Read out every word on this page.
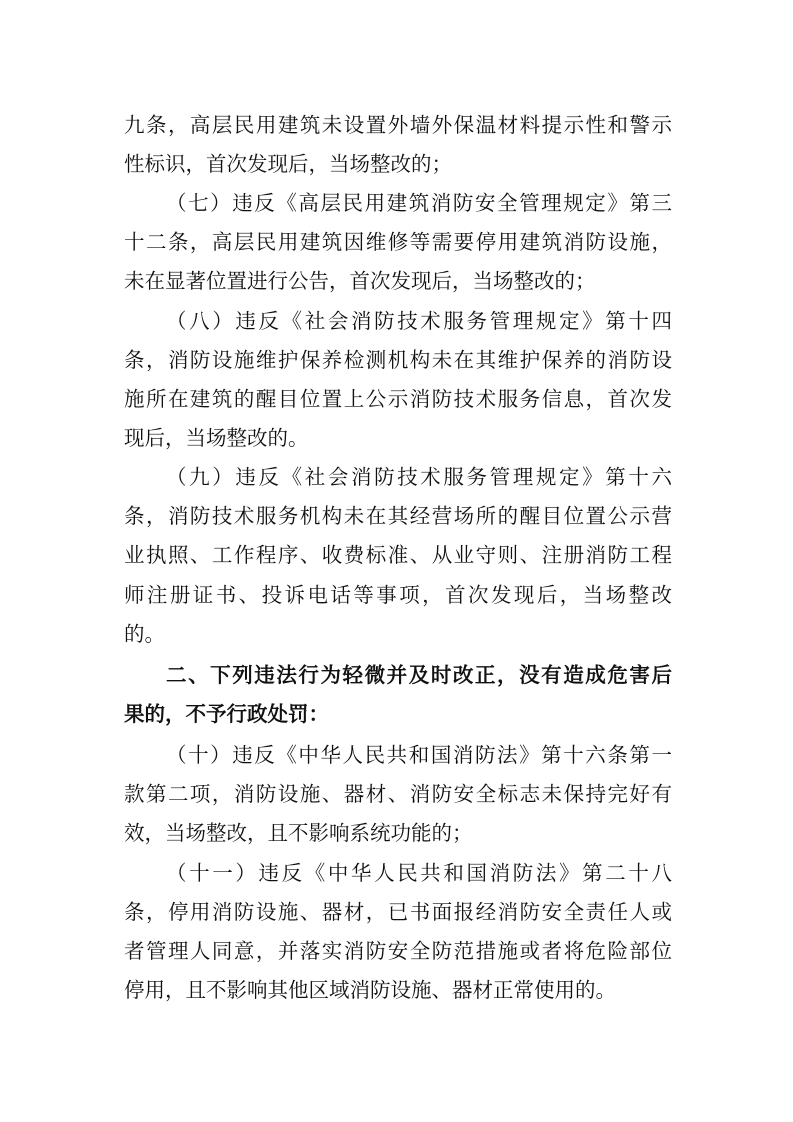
九条，高层民用建筑未设置外墙外保温材料提示性和警示
性标识，首次发现后，当场整改的；
（七）违反《高层民用建筑消防安全管理规定》第三
十二条，高层民用建筑因维修等需要停用建筑消防设施，
未在显著位置进行公告，首次发现后，当场整改的；
（八）违反《社会消防技术服务管理规定》第十四
条，消防设施维护保养检测机构未在其维护保养的消防设
施所在建筑的醒目位置上公示消防技术服务信息，首次发
现后，当场整改的。
（九）违反《社会消防技术服务管理规定》第十六
条，消防技术服务机构未在其经营场所的醒目位置公示营
业执照、工作程序、收费标准、从业守则、注册消防工程
师注册证书、投诉电话等事项，首次发现后，当场整改
的。
二、下列违法行为轻微并及时改正，没有造成危害后
果的，不予行政处罚：
（十）违反《中华人民共和国消防法》第十六条第一
款第二项，消防设施、器材、消防安全标志未保持完好有
效，当场整改，且不影响系统功能的；
（十一）违反《中华人民共和国消防法》第二十八
条，停用消防设施、器材，已书面报经消防安全责任人或
者管理人同意，并落实消防安全防范措施或者将危险部位
停用，且不影响其他区域消防设施、器材正常使用的。
